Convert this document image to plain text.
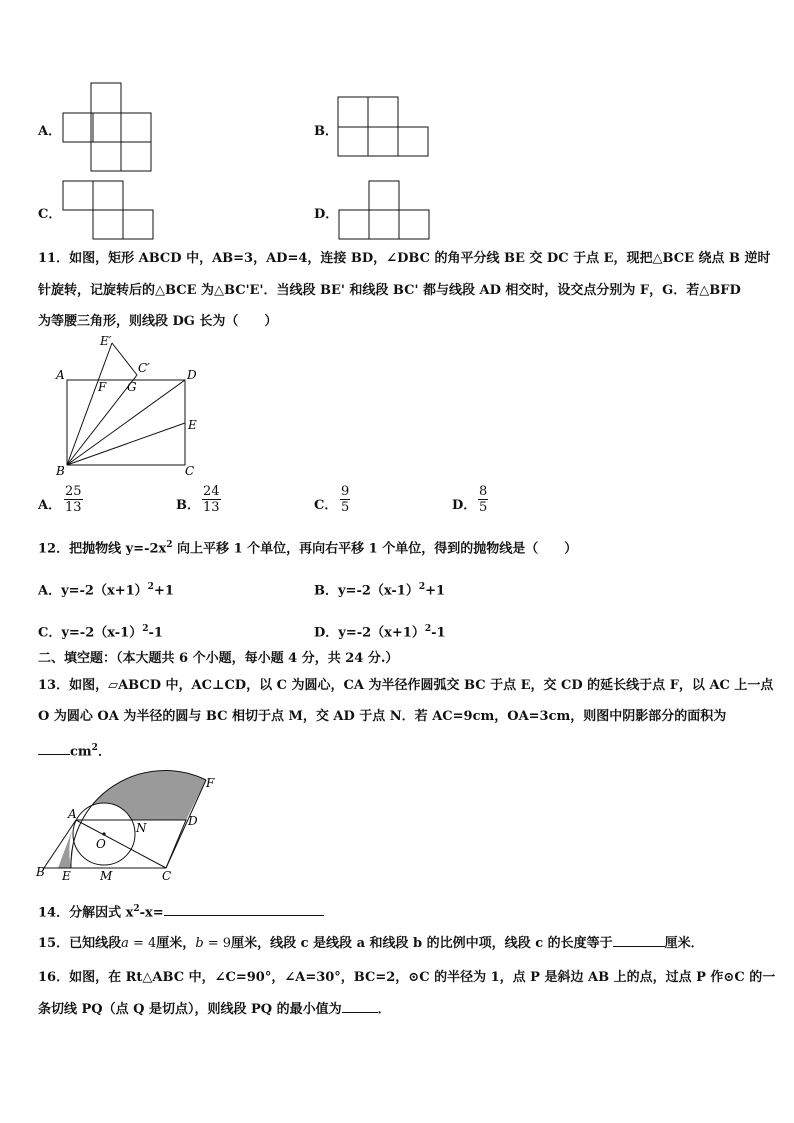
A．	B．
C．	D．
11．如图，矩形 ABCD 中，AB=3，AD=4，连接 BD，∠DBC 的角平分线 BE 交 DC 于点 E，现把△BCE 绕点 B 逆时
针旋转，记旋转后的△BCE 为△BC'E'．当线段 BE' 和线段 BC' 都与线段 AD 相交时，设交点分别为 F，G．若△BFD
为等腰三角形，则线段 DG 长为（　　）
A
B	C
D
E
E′
C′
F G
A． $\frac{25}{13}$	B． $\frac{24}{13}$	C． $\frac{9}{5}$	D． $\frac{8}{5}$
12．把抛物线 $y=-2x^2$ 向上平移 1 个单位，再向右平移 1 个单位，得到的抛物线是（　　）
A．$y=-2(x+1)^2+1$	B．$y=-2(x-1)^2+1$
C．$y=-2(x-1)^2-1$	D．$y=-2(x+1)^2-1$
二、填空题：（本大题共 6 个小题，每小题 4 分，共 24 分.）
13．如图，▱ABCD 中，AC⊥CD，以 C 为圆心，CA 为半径作圆弧交 BC 于点 E，交 CD 的延长线于点 F，以 AC 上一点
O 为圆心 OA 为半径的圆与 BC 相切于点 M，交 AD 于点 N．若 AC=9cm，OA=3cm，则图中阴影部分的面积为
$cm^2$．
A
B	C
D
E
F
M
N
O
14．分解因式 $x^2-x=$
15．已知线段a = 4厘米，b = 9厘米，线段 c 是线段 a 和线段 b 的比例中项，线段 c 的长度等于	厘米．
16．如图，在 Rt△ABC 中，∠C=90°，∠A=30°，BC=2，⊙C 的半径为 1，点 P 是斜边 AB 上的点，过点 P 作⊙C 的一
条切线 PQ（点 Q 是切点），则线段 PQ 的最小值为	．
